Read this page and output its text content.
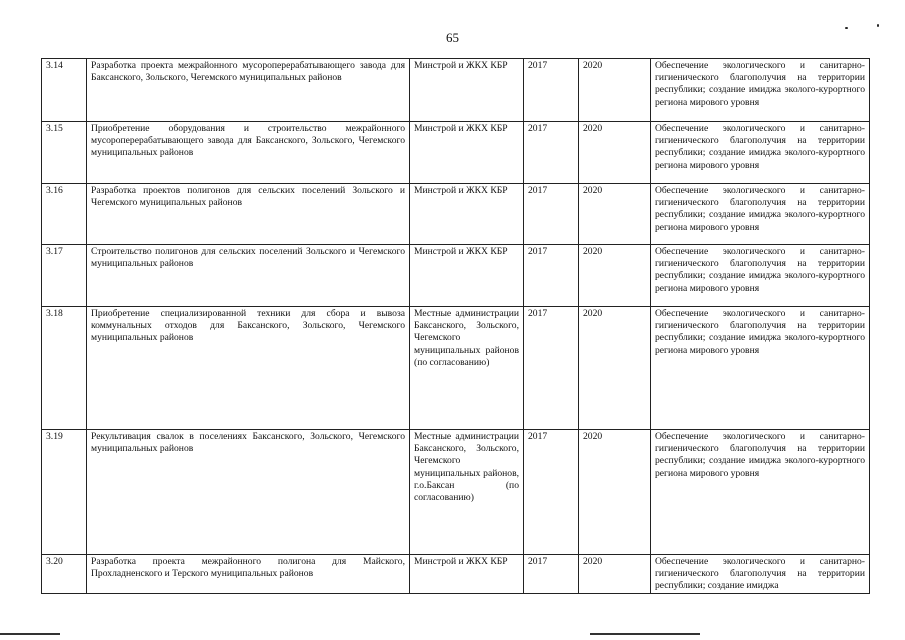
65
3.14	Разработка проекта межрайонного мусороперерабатывающего завода для Баксанского, Зольского, Чегемского муниципальных районов	Минстрой и ЖКХ КБР	2017	2020	Обеспечение экологического и санитарно-гигиенического благополучия на территории республики; создание имиджа эколого-курортного региона мирового уровня
3.15	Приобретение оборудования и строительство межрайонного мусороперерабатывающего завода для Баксанского, Зольского, Чегемского муниципальных районов	Минстрой и ЖКХ КБР	2017	2020	Обеспечение экологического и санитарно-гигиенического благополучия на территории республики; создание имиджа эколого-курортного региона мирового уровня
3.16	Разработка проектов полигонов для сельских поселений Зольского и Чегемского муниципальных районов	Минстрой и ЖКХ КБР	2017	2020	Обеспечение экологического и санитарно-гигиенического благополучия на территории республики; создание имиджа эколого-курортного региона мирового уровня
3.17	Строительство полигонов для сельских поселений Зольского и Чегемского муниципальных районов	Минстрой и ЖКХ КБР	2017	2020	Обеспечение экологического и санитарно-гигиенического благополучия на территории республики; создание имиджа эколого-курортного региона мирового уровня
3.18	Приобретение специализированной техники для сбора и вывоза коммунальных отходов для Баксанского, Зольского, Чегемского муниципальных районов	Местные администрации Баксанского, Зольского, Чегемского муниципальных районов (по согласованию)	2017	2020	Обеспечение экологического и санитарно-гигиенического благополучия на территории республики; создание имиджа эколого-курортного региона мирового уровня
3.19	Рекультивация свалок в поселениях Баксанского, Зольского, Чегемского муниципальных районов	Местные администрации Баксанского, Зольского, Чегемского муниципальных районов, г.о.Баксан (по согласованию)	2017	2020	Обеспечение экологического и санитарно-гигиенического благополучия на территории республики; создание имиджа эколого-курортного региона мирового уровня
3.20	Разработка проекта межрайонного полигона для Майского, Прохладненского и Терского муниципальных районов	Минстрой и ЖКХ КБР	2017	2020	Обеспечение экологического и санитарно-гигиенического благополучия на территории республики; создание имиджа
